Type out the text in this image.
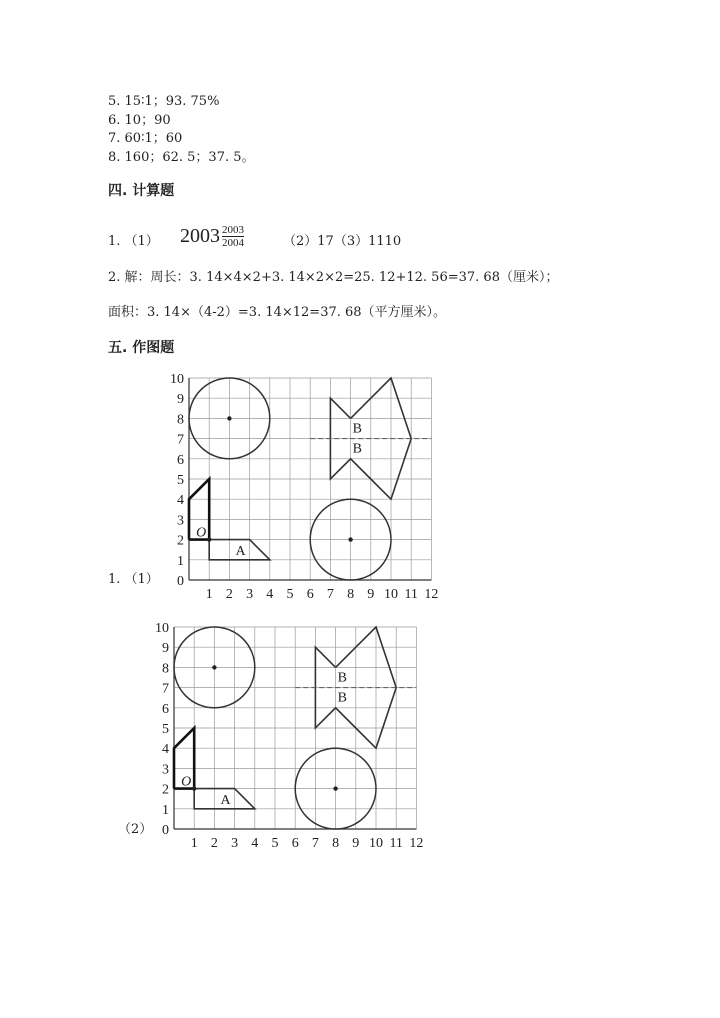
5. 15∶1；93. 75%
6. 10；90
7. 60∶1；60
8. 160；62. 5；37. 5。
四. 计算题
1. （1） $2003 \frac{2003}{2004}$	（2）17（3）1110
2. 解：周长：3. 14×4×2+3. 14×2×2=25. 12+12. 56=37. 68（厘米）；
面积：3. 14×（4-2）=3. 14×12=37. 68（平方厘米）。
五. 作图题
1. （1）
（2）
0
1
2
3
4
5
6
7
8
9
10
1 2 3 4 5 6 7 8 9 10 11 12
O
A
B
B
0
1
2
3
4
5
6
7
8
9
10
1 2 3 4 5 6 7 8 9 10 11 12
O
A
B
B
